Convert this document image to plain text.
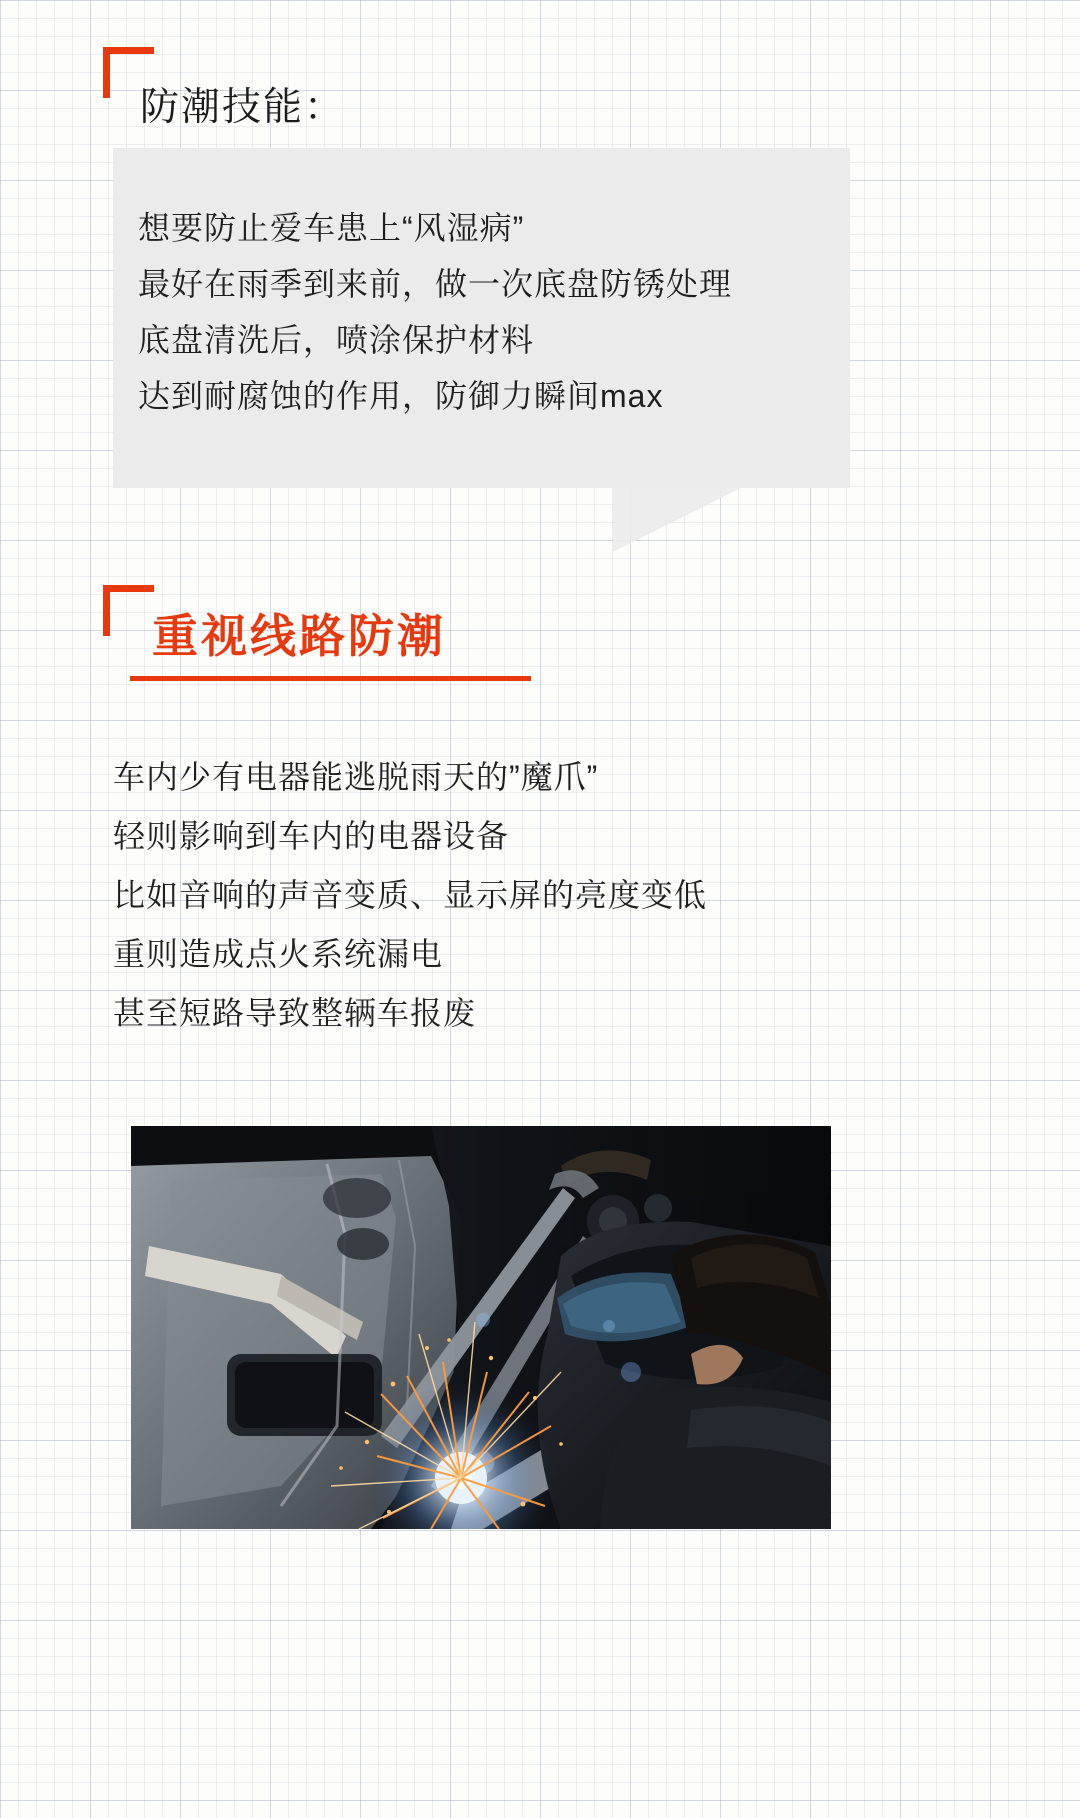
防潮技能：
想要防止爱车患上“风湿病”
最好在雨季到来前，做一次底盘防锈处理
底盘清洗后，喷涂保护材料
达到耐腐蚀的作用，防御力瞬间max
重视线路防潮
车内少有电器能逃脱雨天的”魔爪”
轻则影响到车内的电器设备
比如音响的声音变质、显示屏的亮度变低
重则造成点火系统漏电
甚至短路导致整辆车报废
